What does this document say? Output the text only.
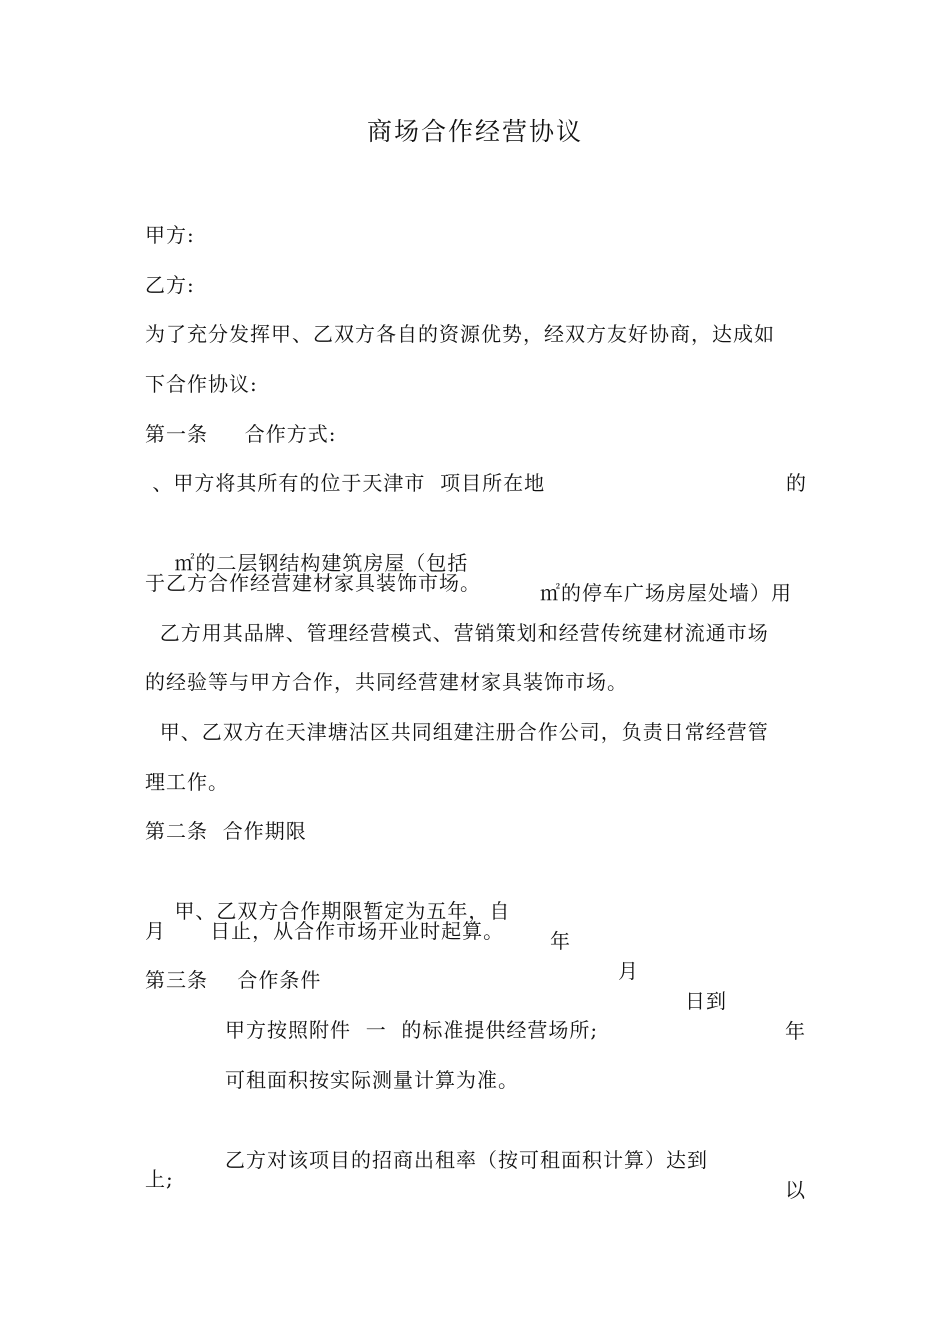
商场合作经营协议
甲方:
乙方:
为了充分发挥甲、乙双方各自的资源优势，经双方友好协商，达成如
下合作协议:
第一条     合作方式:
、甲方将其所有的位于天津市  项目所在地	的

㎡的二层钢结构建筑房屋（包括

㎡的停车广场房屋处墙）用

于乙方合作经营建材家具装饰市场。
乙方用其品牌、管理经营模式、营销策划和经营传统建材流通市场
的经验等与甲方合作，共同经营建材家具装饰市场。
甲、乙双方在天津塘沽区共同组建注册合作公司，负责日常经营管
理工作。
第二条  合作期限

甲、乙双方合作期限暂定为五年，自

年

月

日到

年

月      日止，从合作市场开业时起算。
第三条    合作条件
甲方按照附件  一  的标准提供经营场所;
可租面积按实际测量计算为准。

乙方对该项目的招商出租率（按可租面积计算）达到

以

上;
